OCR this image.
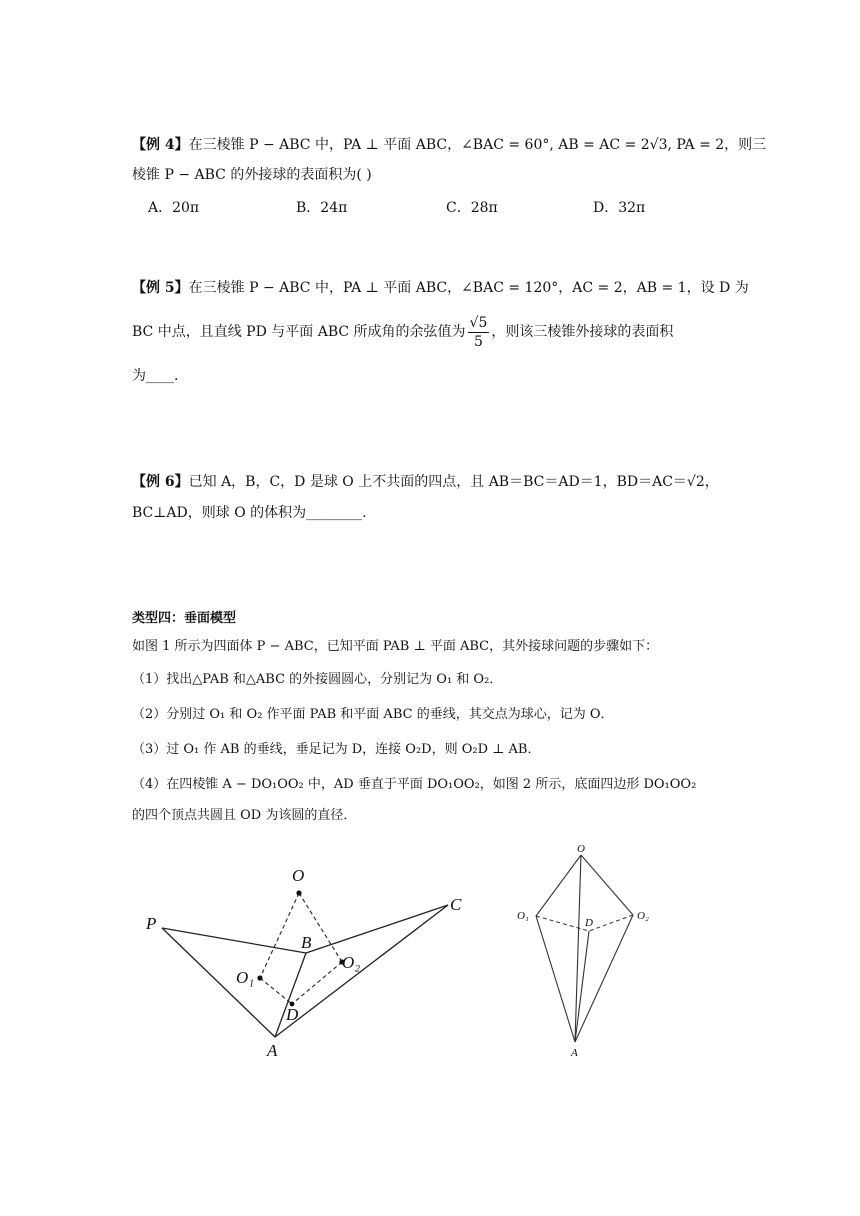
【例 4】在三棱锥 P − ABC 中，PA ⊥ 平面 ABC，∠BAC = 60°, AB = AC = 2√3, PA = 2，则三
棱锥 P − ABC 的外接球的表面积为( )
A．20π	B．24π	C．28π	D．32π
【例 5】在三棱锥 P − ABC 中，PA ⊥ 平面 ABC，∠BAC = 120°，AC = 2，AB = 1，设 D 为
BC 中点，且直线 PD 与平面 ABC 所成角的余弦值为 $\frac{√5}{5}$ ，则该三棱锥外接球的表面积
为____.
【例 6】已知 A，B，C，D 是球 O 上不共面的四点，且 AB＝BC＝AD＝1，BD＝AC＝√2，
BC⊥AD，则球 O 的体积为________.
类型四：垂面模型
如图 1 所示为四面体 P − ABC，已知平面 PAB ⊥ 平面 ABC，其外接球问题的步骤如下：
（1）找出△PAB 和△ABC 的外接圆圆心，分别记为 O₁ 和 O₂．
（2）分别过 O₁ 和 O₂ 作平面 PAB 和平面 ABC 的垂线，其交点为球心，记为 O．
（3）过 O₁ 作 AB 的垂线，垂足记为 D，连接 O₂D，则 O₂D ⊥ AB．
（4）在四棱锥 A − DO₁OO₂ 中，AD 垂直于平面 DO₁OO₂，如图 2 所示，底面四边形 DO₁OO₂
的四个顶点共圆且 OD 为该圆的直径．
P
A
B
C
D
O
O₁
O₂
O
O₁	O₂
D
A
